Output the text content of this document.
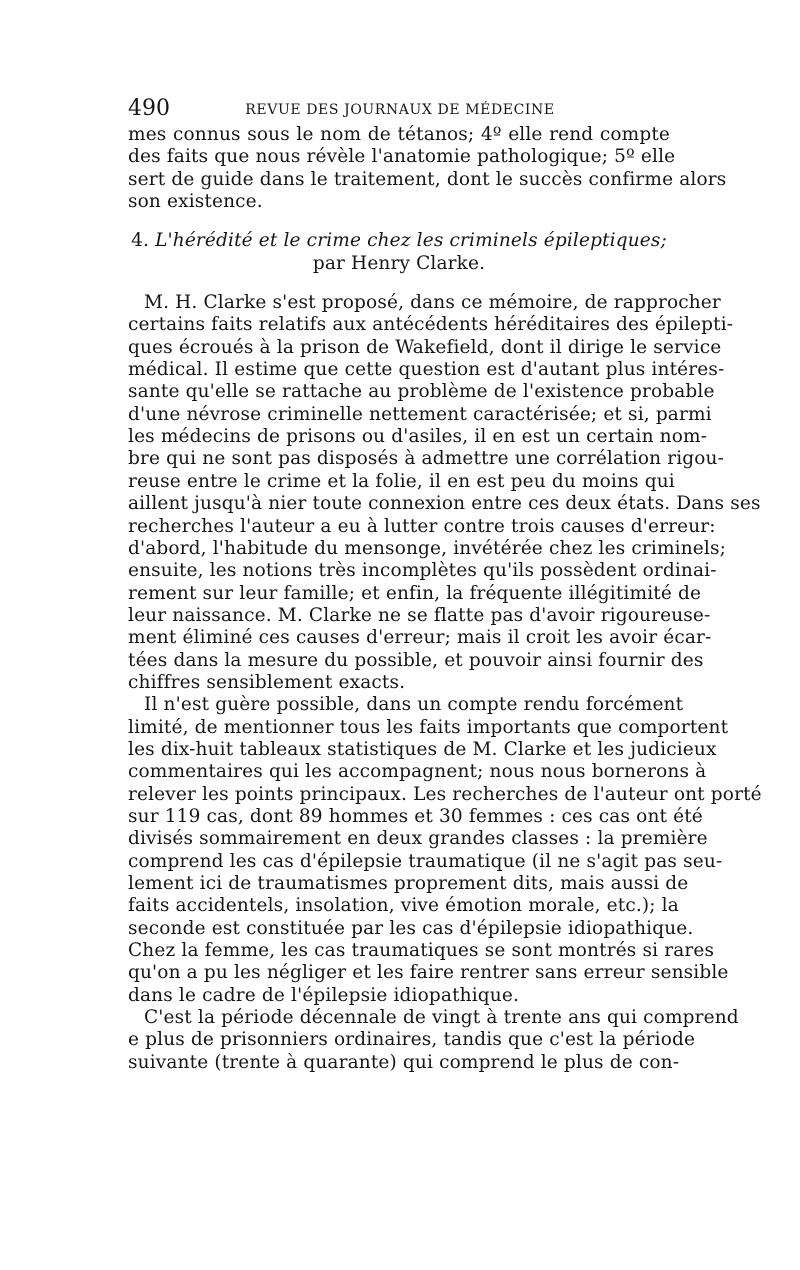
490	REVUE DES JOURNAUX DE MÉDECINE
mes connus sous le nom de tétanos; 4º elle rend compte
des faits que nous révèle l'anatomie pathologique; 5º elle
sert de guide dans le traitement, dont le succès confirme alors
son existence.
4. L'hérédité et le crime chez les criminels épileptiques;
par Henry Clarke.
M. H. Clarke s'est proposé, dans ce mémoire, de rapprocher
certains faits relatifs aux antécédents héréditaires des épilepti-
ques écroués à la prison de Wakefield, dont il dirige le service
médical. Il estime que cette question est d'autant plus intéres-
sante qu'elle se rattache au problème de l'existence probable
d'une névrose criminelle nettement caractérisée; et si, parmi
les médecins de prisons ou d'asiles, il en est un certain nom-
bre qui ne sont pas disposés à admettre une corrélation rigou-
reuse entre le crime et la folie, il en est peu du moins qui
aillent jusqu'à nier toute connexion entre ces deux états. Dans ses
recherches l'auteur a eu à lutter contre trois causes d'erreur:
d'abord, l'habitude du mensonge, invétérée chez les criminels;
ensuite, les notions très incomplètes qu'ils possèdent ordinai-
rement sur leur famille; et enfin, la fréquente illégitimité de
leur naissance. M. Clarke ne se flatte pas d'avoir rigoureuse-
ment éliminé ces causes d'erreur; mais il croit les avoir écar-
tées dans la mesure du possible, et pouvoir ainsi fournir des
chiffres sensiblement exacts.
Il n'est guère possible, dans un compte rendu forcément
limité, de mentionner tous les faits importants que comportent
les dix-huit tableaux statistiques de M. Clarke et les judicieux
commentaires qui les accompagnent; nous nous bornerons à
relever les points principaux. Les recherches de l'auteur ont porté
sur 119 cas, dont 89 hommes et 30 femmes : ces cas ont été
divisés sommairement en deux grandes classes : la première
comprend les cas d'épilepsie traumatique (il ne s'agit pas seu-
lement ici de traumatismes proprement dits, mais aussi de
faits accidentels, insolation, vive émotion morale, etc.); la
seconde est constituée par les cas d'épilepsie idiopathique.
Chez la femme, les cas traumatiques se sont montrés si rares
qu'on a pu les négliger et les faire rentrer sans erreur sensible
dans le cadre de l'épilepsie idiopathique.
C'est la période décennale de vingt à trente ans qui comprend
e plus de prisonniers ordinaires, tandis que c'est la période
suivante (trente à quarante) qui comprend le plus de con-
